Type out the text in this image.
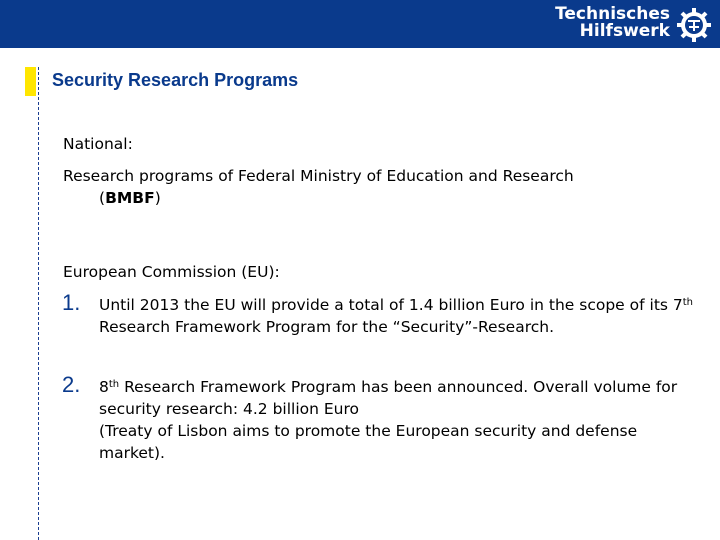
Technisches
Hilfswerk
Security Research Programs
National:
Research programs of Federal Ministry of Education and Research
(BMBF)
European Commission (EU):
1. Until 2013 the EU will provide a total of 1.4 billion Euro in the scope of its 7th Research Framework Program for the “Security”-Research.
2. 8th Research Framework Program has been announced. Overall volume for security research: 4.2 billion Euro
(Treaty of Lisbon aims to promote the European security and defense market).
